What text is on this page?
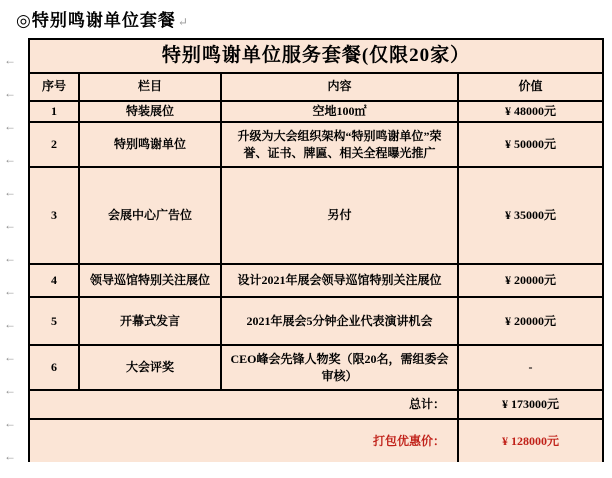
◎特别鸣谢单位套餐 ↵
←
←
←
←
←
←
←
←
←
←
←
←
←
特别鸣谢单位服务套餐(仅限20家）			
序号	栏目	内容	价值
1	特装展位	空地100㎡	¥ 48000元
2	特别鸣谢单位	升级为大会组织架构“特别鸣谢单位”荣誉、证书、牌匾、相关全程曝光推广	¥ 50000元
3	会展中心广告位	另付	¥ 35000元
4	领导巡馆特别关注展位	设计2021年展会领导巡馆特别关注展位	¥ 20000元
5	开幕式发言	2021年展会5分钟企业代表演讲机会	¥ 20000元
6	大会评奖	CEO峰会先锋人物奖（限20名，需组委会审核）	-
总计：			¥ 173000元
打包优惠价：			¥ 128000元
